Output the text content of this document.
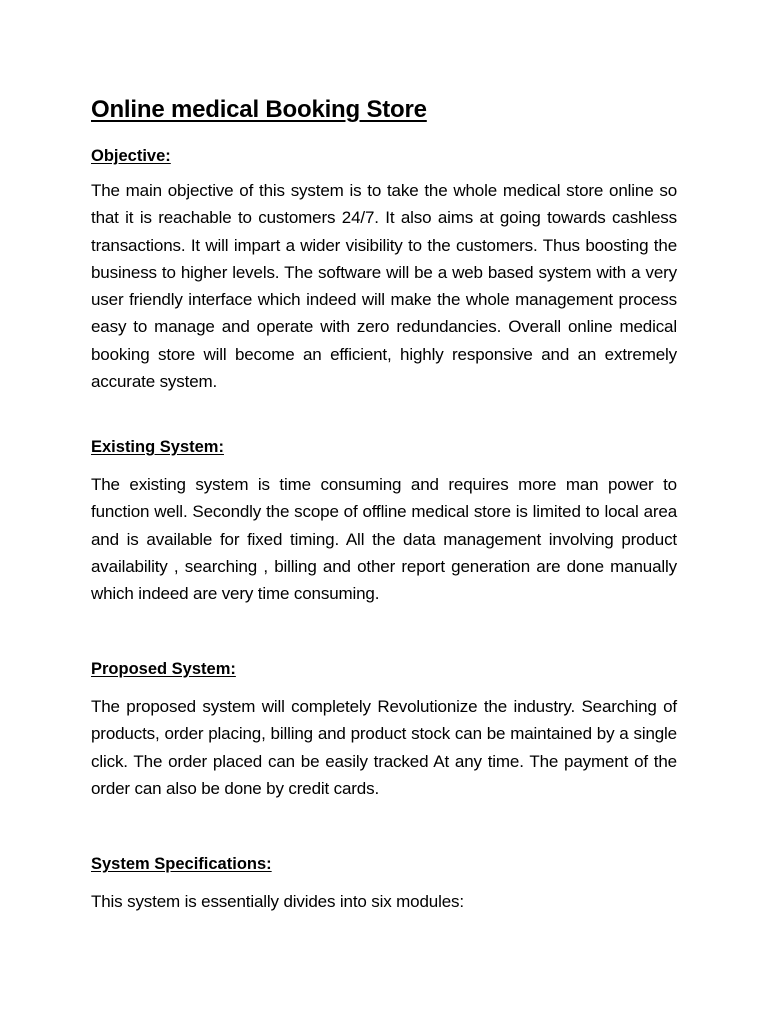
Online medical Booking Store
Objective:

The main objective of this system is to take the whole medical store online so that it is reachable to customers 24/7. It also aims at going towards cashless transactions. It will impart a wider visibility to the customers. Thus boosting the business to higher levels. The software will be a web based system with a very user friendly interface which indeed will make the whole management process easy to manage and operate with zero redundancies. Overall online medical booking store will become an efficient, highly responsive and an extremely accurate system.

Existing System:

The existing system is time consuming and requires more man power to function well. Secondly the scope of offline medical store is limited to local area and is available for fixed timing. All the data management involving product availability , searching , billing and other report generation are done manually which indeed are very time consuming.

Proposed System:

The proposed system will completely Revolutionize the industry. Searching of products, order placing, billing and product stock can be maintained by a single click. The order placed can be easily tracked At any time. The payment of the order can also be done by credit cards.

System Specifications:

This system is essentially divides into six modules:
